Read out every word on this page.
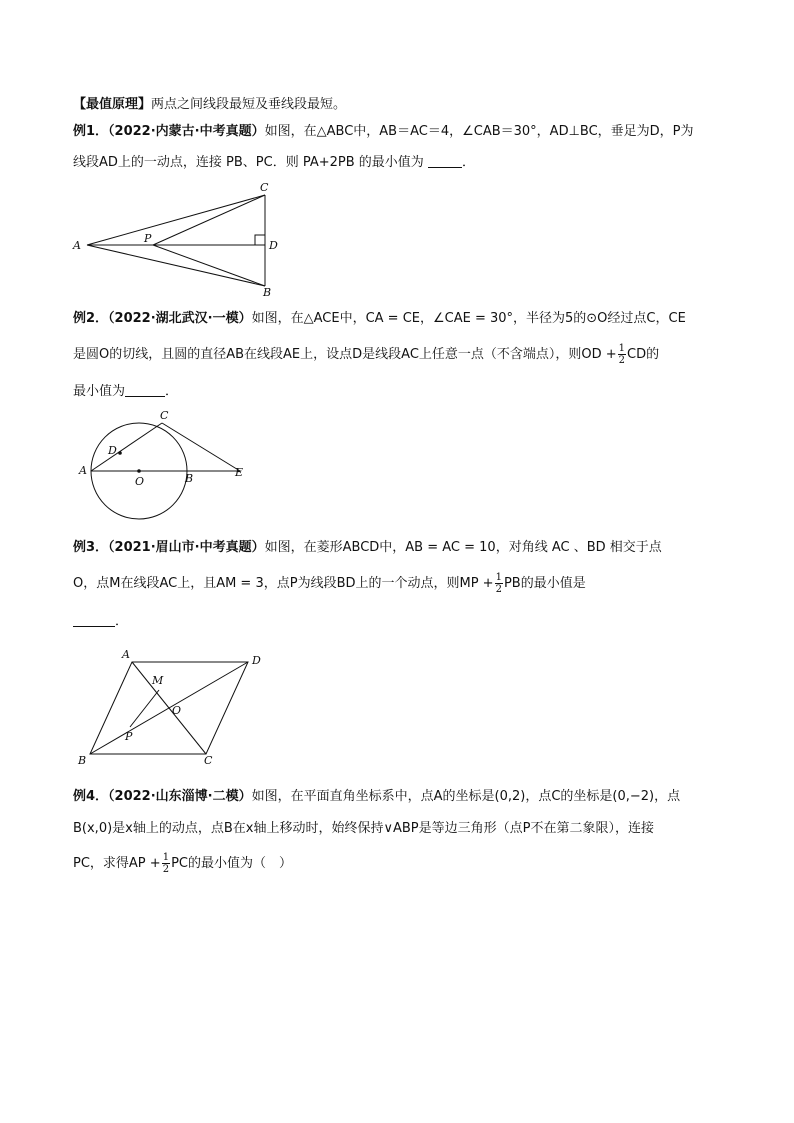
【最值原理】两点之间线段最短及垂线段最短。
例1．（2022·内蒙古·中考真题）如图，在△ABC中，AB＝AC＝4，∠CAB＝30°，AD⊥BC，垂足为D，P为
线段AD上的一动点，连接 PB、PC．则 PA+2PB 的最小值为	．
A
C
D
B
P
例2．（2022·湖北武汉·一模）如图，在△ACE中，CA = CE，∠CAE = 30°，半径为5的⊙O经过点C，CE
是圆O的切线，且圆的直径AB在线段AE上，设点D是线段AC上任意一点（不含端点），则OD + $\frac{1}{2}$ CD的
最小值为	．
A
C
D
O	B	E
例3．（2021·眉山市·中考真题）如图，在菱形ABCD中，AB = AC = 10，对角线 AC 、BD 相交于点
O，点M在线段AC上，且AM = 3，点P为线段BD上的一个动点，则MP + $\frac{1}{2}$ PB的最小值是
．
A	D
M
O
P
B	C
例4．（2022·山东淄博·二模）如图，在平面直角坐标系中，点A的坐标是(0,2)，点C的坐标是(0,−2)，点
B(x,0)是x轴上的动点，点B在x轴上移动时，始终保持∨ABP是等边三角形（点P不在第二象限），连接
PC，求得AP + $\frac{1}{2}$ PC的最小值为（　）
